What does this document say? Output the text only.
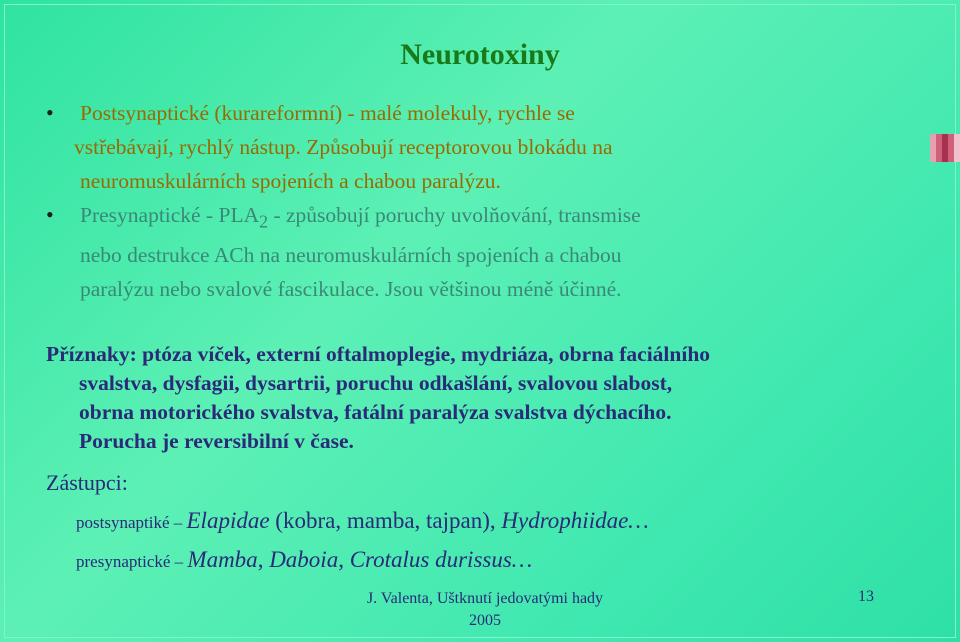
Neurotoxiny
• Postsynaptické (kurareformní) - malé molekuly, rychle se
vstřebávají, rychlý nástup. Způsobují receptorovou blokádu na
neuromuskulárních spojeních a chabou paralýzu.
• Presynaptické - $PLA_2$ - způsobují poruchy uvolňování, transmise
nebo destrukce ACh na neuromuskulárních spojeních a chabou
paralýzu nebo svalové fascikulace. Jsou většinou méně účinné.
Příznaky: ptóza víček, externí oftalmoplegie, mydriáza, obrna faciálního
svalstva, dysfagii, dysartrii, poruchu odkašlání, svalovou slabost,
obrna motorického svalstva, fatální paralýza svalstva dýchacího.
Porucha je reversibilní v čase.
Zástupci:
postsynaptiké – Elapidae (kobra, mamba, tajpan), Hydrophiidae…
presynaptické – Mamba, Daboia, Crotalus durissus…
J. Valenta, Uštknutí jedovatými hady
2005
13
